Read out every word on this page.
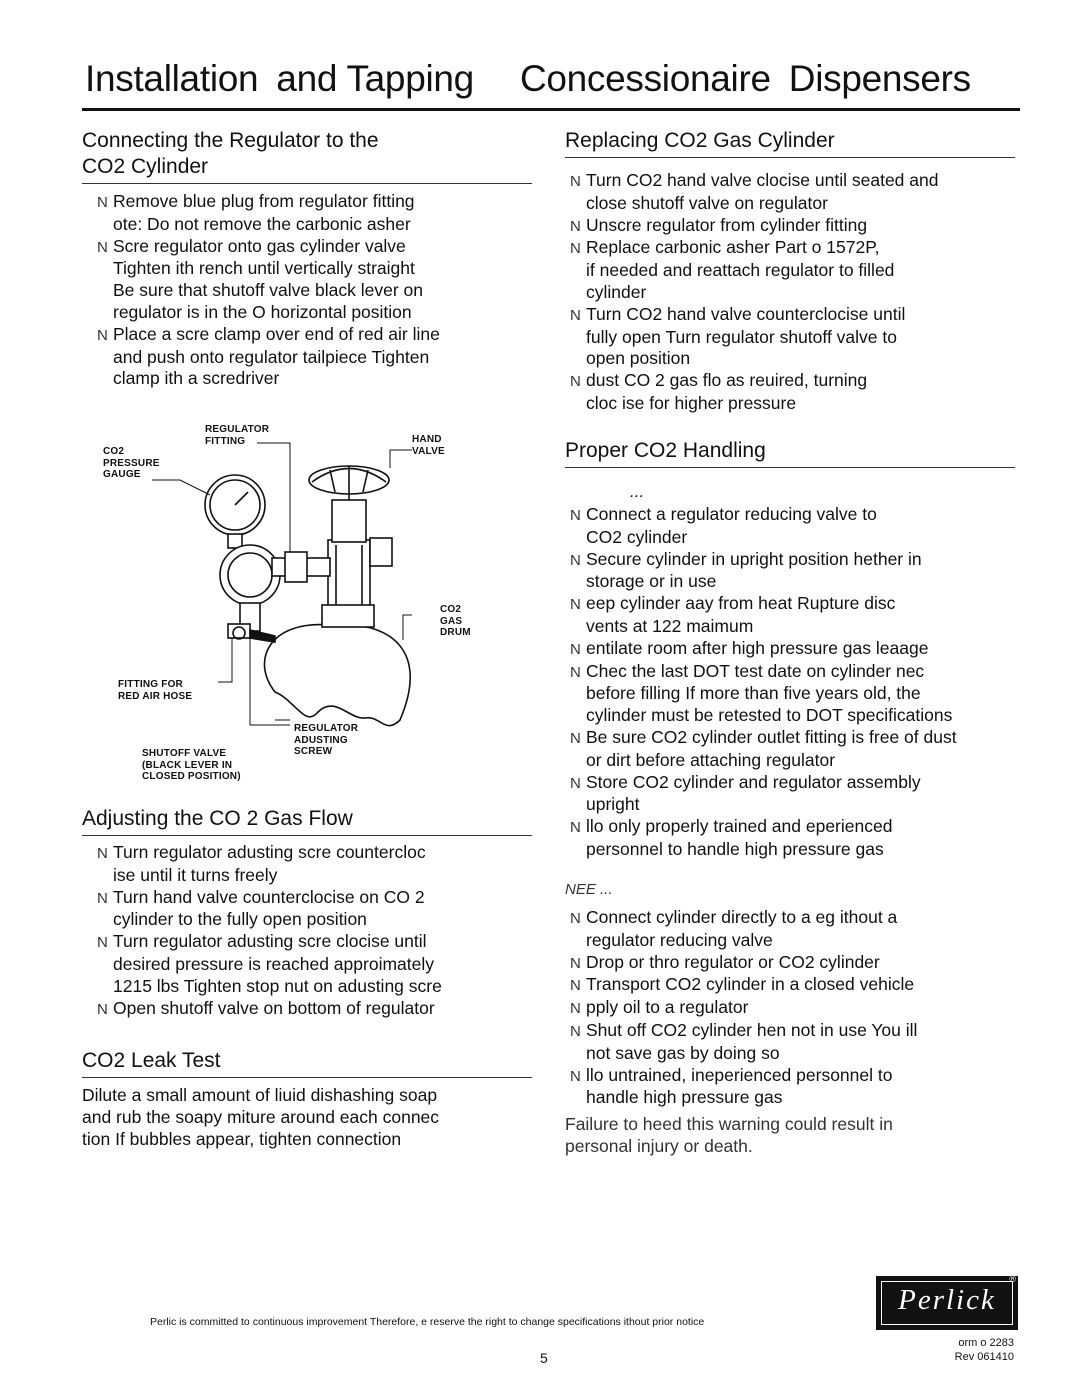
Installation and Tapping Concessionaire Dispensers
Connecting the Regulator to the
CO2 Cylinder
N Remove blue plug from regulator fitting
ote: Do not remove the carbonic asher
N Scre regulator onto gas cylinder valve
Tighten ith rench until vertically straight
Be sure that shutoff valve black lever on
regulator is in the O horizontal position
N Place a scre clamp over end of red air line
and push onto regulator tailpiece Tighten
clamp ith a scredriver
REGULATOR
FITTING	HAND
VALVE
CO2
PRESSURE
GAUGE
CO2
GAS
DRUM
FITTING FOR
RED AIR HOSE
REGULATOR
ADUSTING
SCREW
SHUTOFF VALVE
(BLACK LEVER IN
CLOSED POSITION)
Adjusting the CO 2 Gas Flow
N Turn regulator adusting scre countercloc
ise until it turns freely
N Turn hand valve counterclocise on CO 2
cylinder to the fully open position
N Turn regulator adusting scre clocise until
desired pressure is reached approimately
1215 lbs Tighten stop nut on adusting scre
N Open shutoff valve on bottom of regulator
CO2 Leak Test
Dilute a small amount of liuid dishashing soap
and rub the soapy miture around each connec
tion If bubbles appear, tighten connection
Replacing CO2 Gas Cylinder
N Turn CO2 hand valve clocise until seated and
close shutoff valve on regulator
N Unscre regulator from cylinder fitting
N Replace carbonic asher Part o 1572P,
if needed and reattach regulator to filled
cylinder
N Turn CO2 hand valve counterclocise until
fully open Turn regulator shutoff valve to
open position
N dust CO 2 gas flo as reuired, turning
cloc ise for higher pressure
Proper CO2 Handling
...
N Connect a regulator reducing valve to
CO2 cylinder
N Secure cylinder in upright position hether in
storage or in use
N eep cylinder aay from heat Rupture disc
vents at 122 maimum
N entilate room after high pressure gas leaage
N Chec the last DOT test date on cylinder nec
before filling If more than five years old, the
cylinder must be retested to DOT specifications
N Be sure CO2 cylinder outlet fitting is free of dust
or dirt before attaching regulator
N Store CO2 cylinder and regulator assembly
upright
N llo only properly trained and eperienced
personnel to handle high pressure gas
NEE ...
N Connect cylinder directly to a eg ithout a
regulator reducing valve
N Drop or thro regulator or CO2 cylinder
N Transport CO2 cylinder in a closed vehicle
N pply oil to a regulator
N Shut off CO2 cylinder hen not in use You ill
not save gas by doing so
N llo untrained, ineperienced personnel to
handle high pressure gas
Failure to heed this warning could result in
personal injury or death.
Perlic is committed to continuous improvement Therefore, e reserve the right to change specifications ithout prior notice
Perlick
®
5
orm o 2283
Rev 061410
